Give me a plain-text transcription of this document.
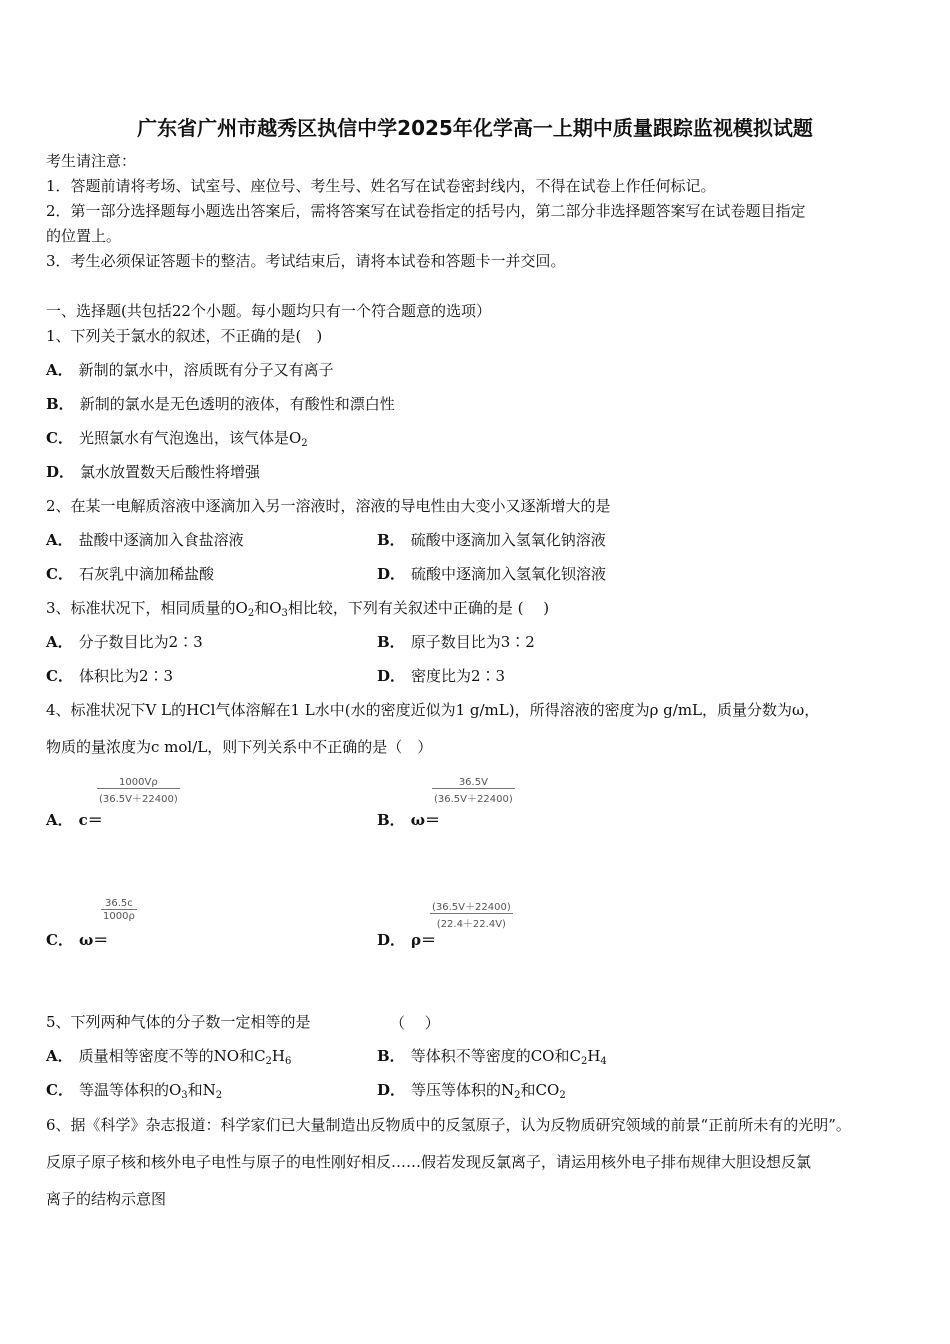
广东省广州市越秀区执信中学2025年化学高一上期中质量跟踪监视模拟试题
考生请注意：
1．答题前请将考场、试室号、座位号、考生号、姓名写在试卷密封线内，不得在试卷上作任何标记。
2．第一部分选择题每小题选出答案后，需将答案写在试卷指定的括号内，第二部分非选择题答案写在试卷题目指定
的位置上。
3．考生必须保证答题卡的整洁。考试结束后，请将本试卷和答题卡一并交回。
一、选择题(共包括22个小题。每小题均只有一个符合题意的选项）
1、下列关于氯水的叙述，不正确的是(　)
A． 新制的氯水中，溶质既有分子又有离子
B． 新制的氯水是无色透明的液体，有酸性和漂白性
C． 光照氯水有气泡逸出，该气体是$O_2$
D． 氯水放置数天后酸性将增强
2、在某一电解质溶液中逐滴加入另一溶液时，溶液的导电性由大变小又逐渐增大的是
A． 盐酸中逐滴加入食盐溶液	B． 硫酸中逐滴加入氢氧化钠溶液
C． 石灰乳中滴加稀盐酸	D． 硫酸中逐滴加入氢氧化钡溶液
3、标准状况下，相同质量的$O_2$和$O_3$相比较，下列有关叙述中正确的是 (　 )
A． 分子数目比为2∶3	B． 原子数目比为3∶2
C． 体积比为2∶3	D． 密度比为2∶3
4、标准状况下V L的HCl气体溶解在1 L水中(水的密度近似为1 g/mL)，所得溶液的密度为ρ g/mL，质量分数为ω，
物质的量浓度为c mol/L，则下列关系中不正确的是（　）
$\frac{1000V\rho}{(36.5V+22400)}$
A． c＝
$\frac{36.5V}{(36.5V+22400)}$
B． ω＝
$\frac{36.5c}{1000\rho}$
C． ω＝
$\frac{(36.5V+22400)}{(22.4+22.4V)}$
D． ρ＝
5、下列两种气体的分子数一定相等的是	（　 ）
A． 质量相等密度不等的NO和$C_2H_6$	B． 等体积不等密度的CO和$C_2H_4$
C． 等温等体积的$O_3$和$N_2$	D． 等压等体积的$N_2$和$CO_2$
6、据《科学》杂志报道：科学家们已大量制造出反物质中的反氢原子，认为反物质研究领域的前景“正前所未有的光明”。
反原子原子核和核外电子电性与原子的电性刚好相反……假若发现反氯离子，请运用核外电子排布规律大胆设想反氯
离子的结构示意图
